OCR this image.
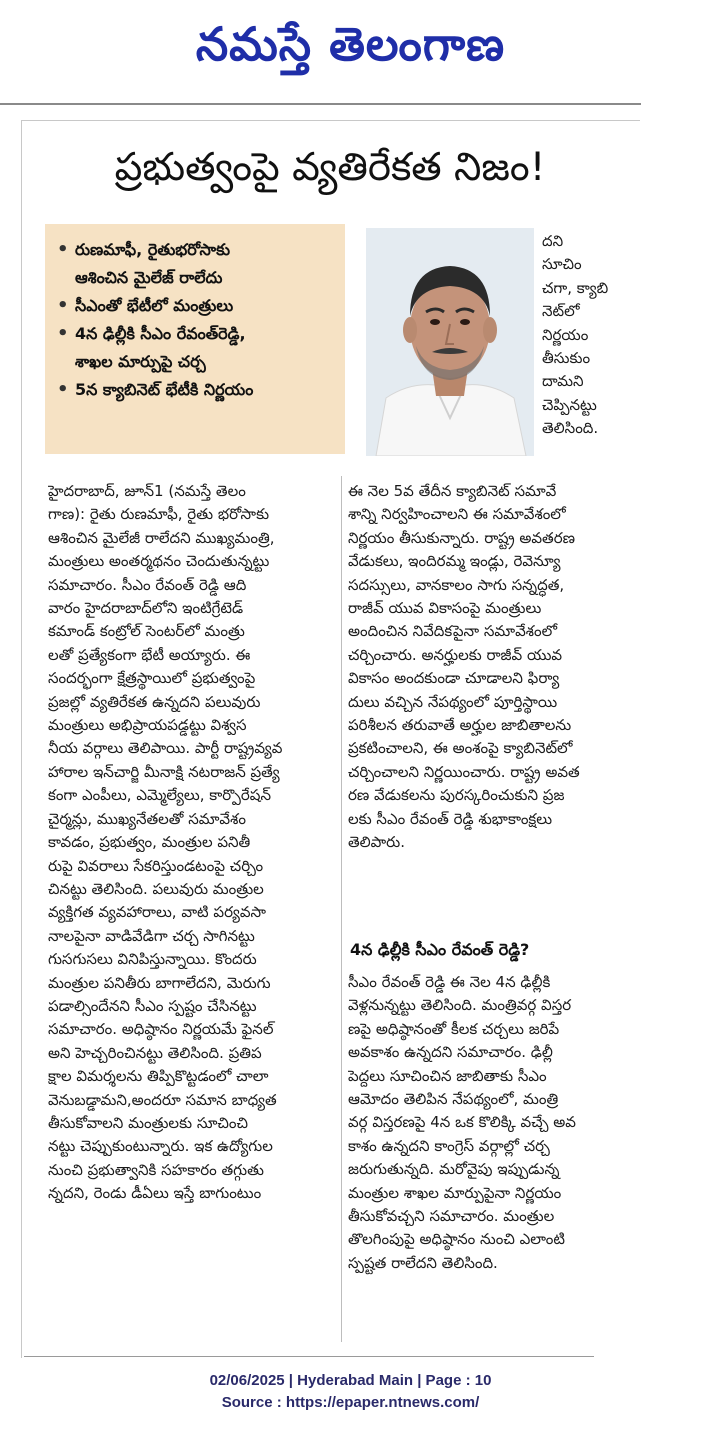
నమస్తే తెలంగాణ
ప్రభుత్వంపై వ్యతిరేకత నిజం!
• రుణమాఫీ, రైతుభరోసాకు
ఆశించిన మైలేజ్ రాలేదు
• సీఎంతో భేటీలో మంత్రులు
• 4న ఢిల్లీకి సీఎం రేవంత్‌రెడ్డి,
శాఖల మార్పుపై చర్చ
• 5న క్యాబినెట్ భేటీకి నిర్ణయం
దని
సూచిం
చగా, క్యాబి
నెట్‌లో
నిర్ణయం
తీసుకుం
దామని
చెప్పినట్టు
తెలిసింది.
హైదరాబాద్, జూన్1 (నమస్తే తెలం
గాణ): రైతు రుణమాఫీ, రైతు భరోసాకు
ఆశించిన మైలేజీ రాలేదని ముఖ్యమంత్రి,
మంత్రులు అంతర్మథనం చెందుతున్నట్టు
సమాచారం. సీఎం రేవంత్ రెడ్డి ఆది
వారం హైదరాబాద్‌లోని ఇంటిగ్రేటెడ్
కమాండ్ కంట్రోల్ సెంటర్‌లో మంత్రు
లతో ప్రత్యేకంగా భేటీ అయ్యారు. ఈ
సందర్భంగా క్షేత్రస్థాయిలో ప్రభుత్వంపై
ప్రజల్లో వ్యతిరేకత ఉన్నదని పలువురు
మంత్రులు అభిప్రాయపడ్డట్టు విశ్వస
నీయ వర్గాలు తెలిపాయి. పార్టీ రాష్ట్రవ్యవ
హారాల ఇన్‌చార్జి మీనాక్షి నటరాజన్ ప్రత్యే
కంగా ఎంపీలు, ఎమ్మెల్యేలు, కార్పొరేషన్
చైర్మన్లు, ముఖ్యనేతలతో సమావేశం
కావడం, ప్రభుత్వం, మంత్రుల పనితీ
రుపై వివరాలు సేకరిస్తుండటంపై చర్చిం
చినట్టు తెలిసింది. పలువురు మంత్రుల
వ్యక్తిగత వ్యవహారాలు, వాటి పర్యవసా
నాలపైనా వాడివేడిగా చర్చ సాగినట్టు
గుసగుసలు వినిపిస్తున్నాయి. కొందరు
మంత్రుల పనితీరు బాగాలేదని, మెరుగు
పడాల్సిందేనని సీఎం స్పష్టం చేసినట్టు
సమాచారం. అధిష్ఠానం నిర్ణయమే ఫైనల్
అని హెచ్చరించినట్టు తెలిసింది. ప్రతిప
క్షాల విమర్శలను తిప్పికొట్టడంలో చాలా
వెనుబడ్డామని,అందరూ సమాన బాధ్యత
తీసుకోవాలని మంత్రులకు సూచించి
నట్టు చెప్పుకుంటున్నారు. ఇక ఉద్యోగుల
నుంచి ప్రభుత్వానికి సహకారం తగ్గుతు
న్నదని, రెండు డీఏలు ఇస్తే బాగుంటుం
ఈ నెల 5వ తేదీన క్యాబినెట్ సమావే
శాన్ని నిర్వహించాలని ఈ సమావేశంలో
నిర్ణయం తీసుకున్నారు. రాష్ట్ర అవతరణ
వేడుకలు, ఇందిరమ్మ ఇండ్లు, రెవెన్యూ
సదస్సులు, వానకాలం సాగు సన్నద్ధత,
రాజీవ్ యువ వికాసంపై మంత్రులు
అందించిన నివేదికపైనా సమావేశంలో
చర్చించారు. అనర్హులకు రాజీవ్ యువ
వికాసం అందకుండా చూడాలని ఫిర్యా
దులు వచ్చిన నేపథ్యంలో పూర్తిస్థాయి
పరిశీలన తరువాతే అర్హుల జాబితాలను
ప్రకటించాలని, ఈ అంశంపై క్యాబినెట్‌లో
చర్చించాలని నిర్ణయించారు. రాష్ట్ర అవత
రణ వేడుకలను పురస్కరించుకుని ప్రజ
లకు సీఎం రేవంత్ రెడ్డి శుభాకాంక్షలు
తెలిపారు.
4న ఢిల్లీకి సీఎం రేవంత్ రెడ్డి?
సీఎం రేవంత్ రెడ్డి ఈ నెల 4న ఢిల్లీకి
వెళ్లనున్నట్టు తెలిసింది. మంత్రివర్గ విస్తర
ణపై అధిష్ఠానంతో కీలక చర్చలు జరిపే
అవకాశం ఉన్నదని సమాచారం. ఢిల్లీ
పెద్దలు సూచించిన జాబితాకు సీఎం
ఆమోదం తెలిపిన నేపథ్యంలో, మంత్రి
వర్గ విస్తరణపై 4న ఒక కొలిక్కి వచ్చే అవ
కాశం ఉన్నదని కాంగ్రెస్ వర్గాల్లో చర్చ
జరుగుతున్నది. మరోవైపు ఇప్పుడున్న
మంత్రుల శాఖల మార్పుపైనా నిర్ణయం
తీసుకోవచ్చని సమాచారం. మంత్రుల
తొలగింపుపై అధిష్ఠానం నుంచి ఎలాంటి
స్పష్టత రాలేదని తెలిసింది.
02/06/2025 | Hyderabad Main | Page : 10
Source : https://epaper.ntnews.com/
